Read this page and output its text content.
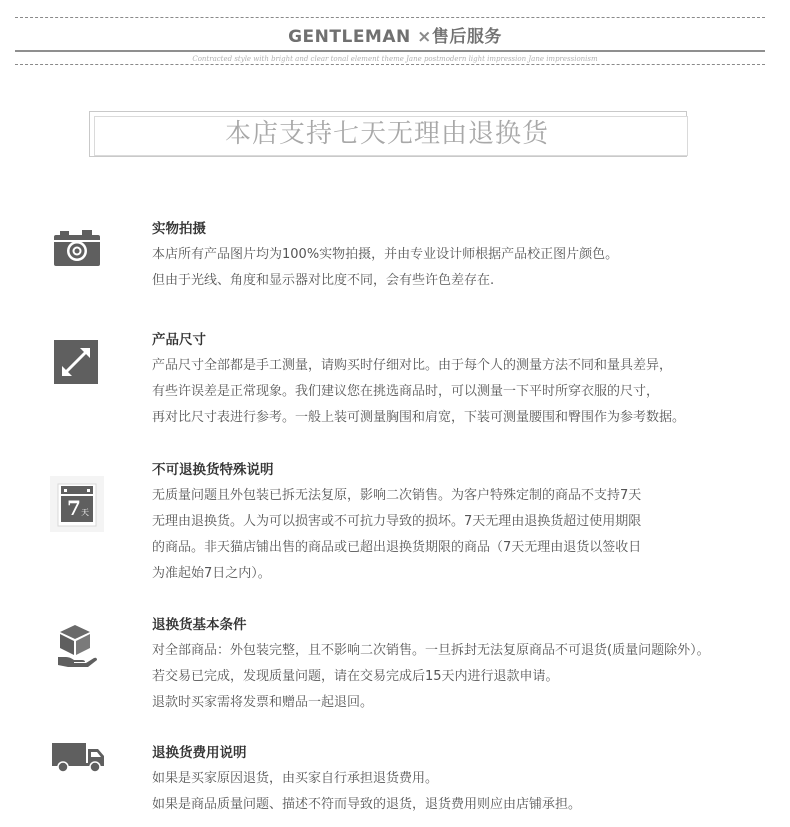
GENTLEMAN ×售后服务
Contracted style with bright and clear tonal element theme Jane postmodern light impression Jane impressionism
本店支持七天无理由退换货
实物拍摄
本店所有产品图片均为100%实物拍摄，并由专业设计师根据产品校正图片颜色。
但由于光线、角度和显示器对比度不同，会有些许色差存在.
产品尺寸
产品尺寸全部都是手工测量，请购买时仔细对比。由于每个人的测量方法不同和量具差异，
有些许误差是正常现象。我们建议您在挑选商品时，可以测量一下平时所穿衣服的尺寸，
再对比尺寸表进行参考。一般上装可测量胸围和肩宽，下装可测量腰围和臀围作为参考数据。
7 天
不可退换货特殊说明
无质量问题且外包装已拆无法复原，影响二次销售。为客户特殊定制的商品不支持7天
无理由退换货。人为可以损害或不可抗力导致的损坏。7天无理由退换货超过使用期限
的商品。非天猫店铺出售的商品或已超出退换货期限的商品（7天无理由退货以签收日
为准起始7日之内）。
退换货基本条件
对全部商品：外包装完整，且不影响二次销售。一旦拆封无法复原商品不可退货(质量问题除外）。
若交易已完成，发现质量问题，请在交易完成后15天内进行退款申请。
退款时买家需将发票和赠品一起退回。
退换货费用说明
如果是买家原因退货，由买家自行承担退货费用。
如果是商品质量问题、描述不符而导致的退货，退货费用则应由店铺承担。
